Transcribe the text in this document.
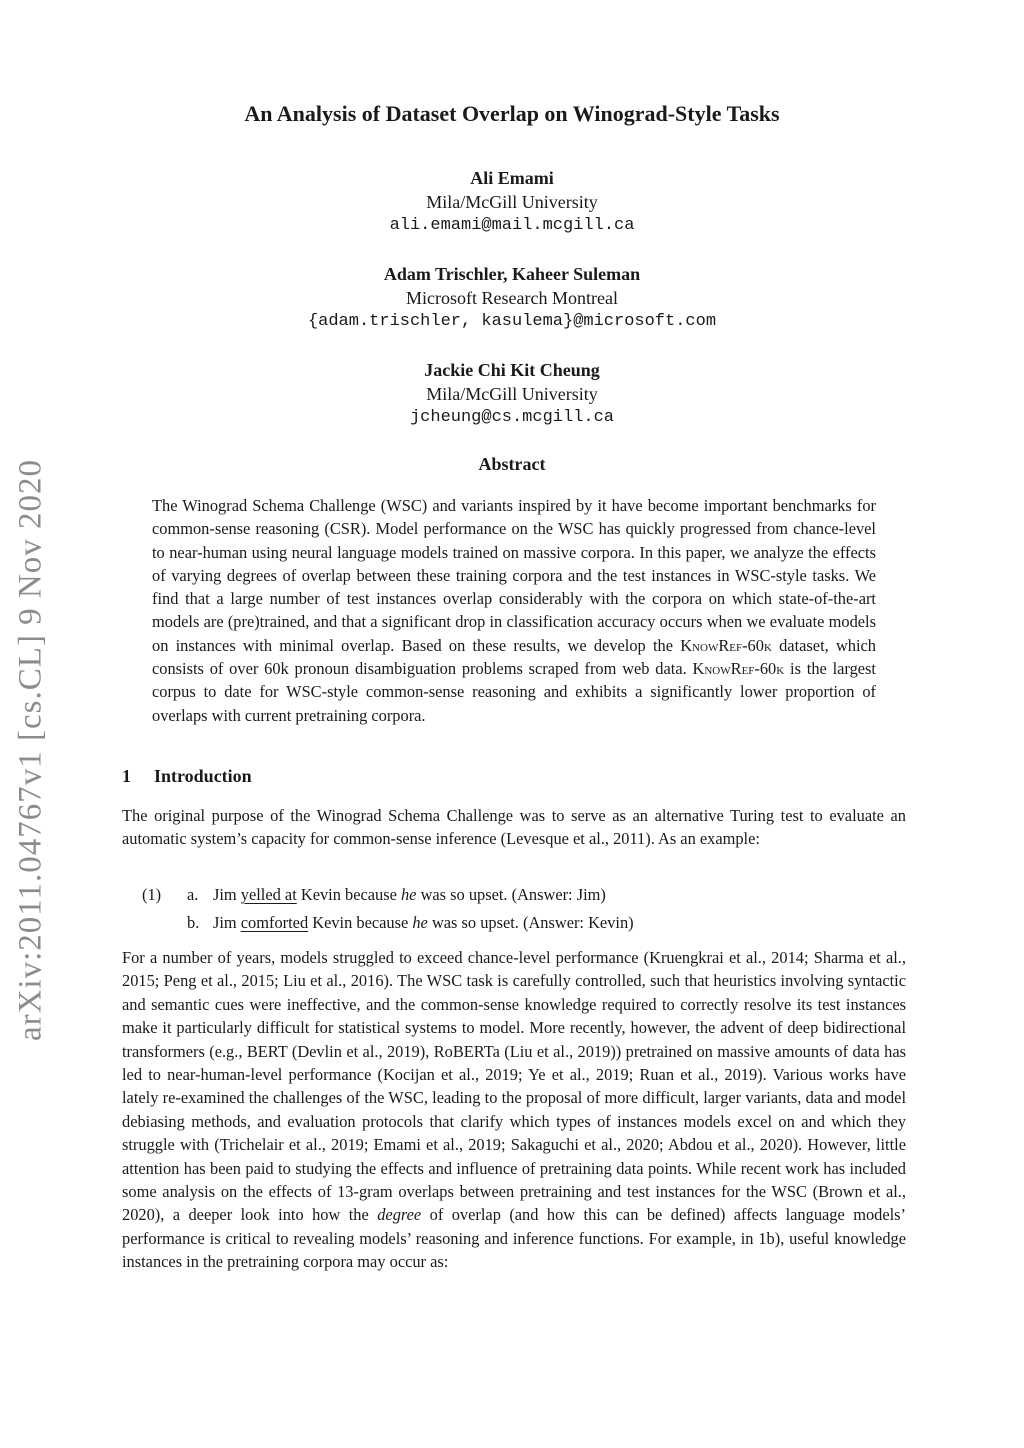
arXiv:2011.04767v1 [cs.CL] 9 Nov 2020
An Analysis of Dataset Overlap on Winograd-Style Tasks
Ali Emami
Mila/McGill University
ali.emami@mail.mcgill.ca
Adam Trischler, Kaheer Suleman
Microsoft Research Montreal
{adam.trischler, kasulema}@microsoft.com
Jackie Chi Kit Cheung
Mila/McGill University
jcheung@cs.mcgill.ca
Abstract

The Winograd Schema Challenge (WSC) and variants inspired by it have become important benchmarks for common-sense reasoning (CSR). Model performance on the WSC has quickly progressed from chance-level to near-human using neural language models trained on massive corpora. In this paper, we analyze the effects of varying degrees of overlap between these training corpora and the test instances in WSC-style tasks. We find that a large number of test instances overlap considerably with the corpora on which state-of-the-art models are (pre)trained, and that a significant drop in classification accuracy occurs when we evaluate models on instances with minimal overlap. Based on these results, we develop the KnowRef-60k dataset, which consists of over 60k pronoun disambiguation problems scraped from web data. KnowRef-60k is the largest corpus to date for WSC-style common-sense reasoning and exhibits a significantly lower proportion of overlaps with current pretraining corpora.

1 Introduction

The original purpose of the Winograd Schema Challenge was to serve as an alternative Turing test to evaluate an automatic system’s capacity for common-sense inference (Levesque et al., 2011). As an example:

(1) a. Jim yelled at Kevin because he was so upset. (Answer: Jim)
b. Jim comforted Kevin because he was so upset. (Answer: Kevin)

For a number of years, models struggled to exceed chance-level performance (Kruengkrai et al., 2014; Sharma et al., 2015; Peng et al., 2015; Liu et al., 2016). The WSC task is carefully controlled, such that heuristics involving syntactic and semantic cues were ineffective, and the common-sense knowledge required to correctly resolve its test instances make it particularly difficult for statistical systems to model. More recently, however, the advent of deep bidirectional transformers (e.g., BERT (Devlin et al., 2019), RoBERTa (Liu et al., 2019)) pretrained on massive amounts of data has led to near-human-level performance (Kocijan et al., 2019; Ye et al., 2019; Ruan et al., 2019). Various works have lately re-examined the challenges of the WSC, leading to the proposal of more difficult, larger variants, data and model debiasing methods, and evaluation protocols that clarify which types of instances models excel on and which they struggle with (Trichelair et al., 2019; Emami et al., 2019; Sakaguchi et al., 2020; Abdou et al., 2020). However, little attention has been paid to studying the effects and influence of pretraining data points. While recent work has included some analysis on the effects of 13-gram overlaps between pretraining and test instances for the WSC (Brown et al., 2020), a deeper look into how the degree of overlap (and how this can be defined) affects language models’ performance is critical to revealing models’ reasoning and inference functions. For example, in 1b), useful knowledge instances in the pretraining corpora may occur as:
